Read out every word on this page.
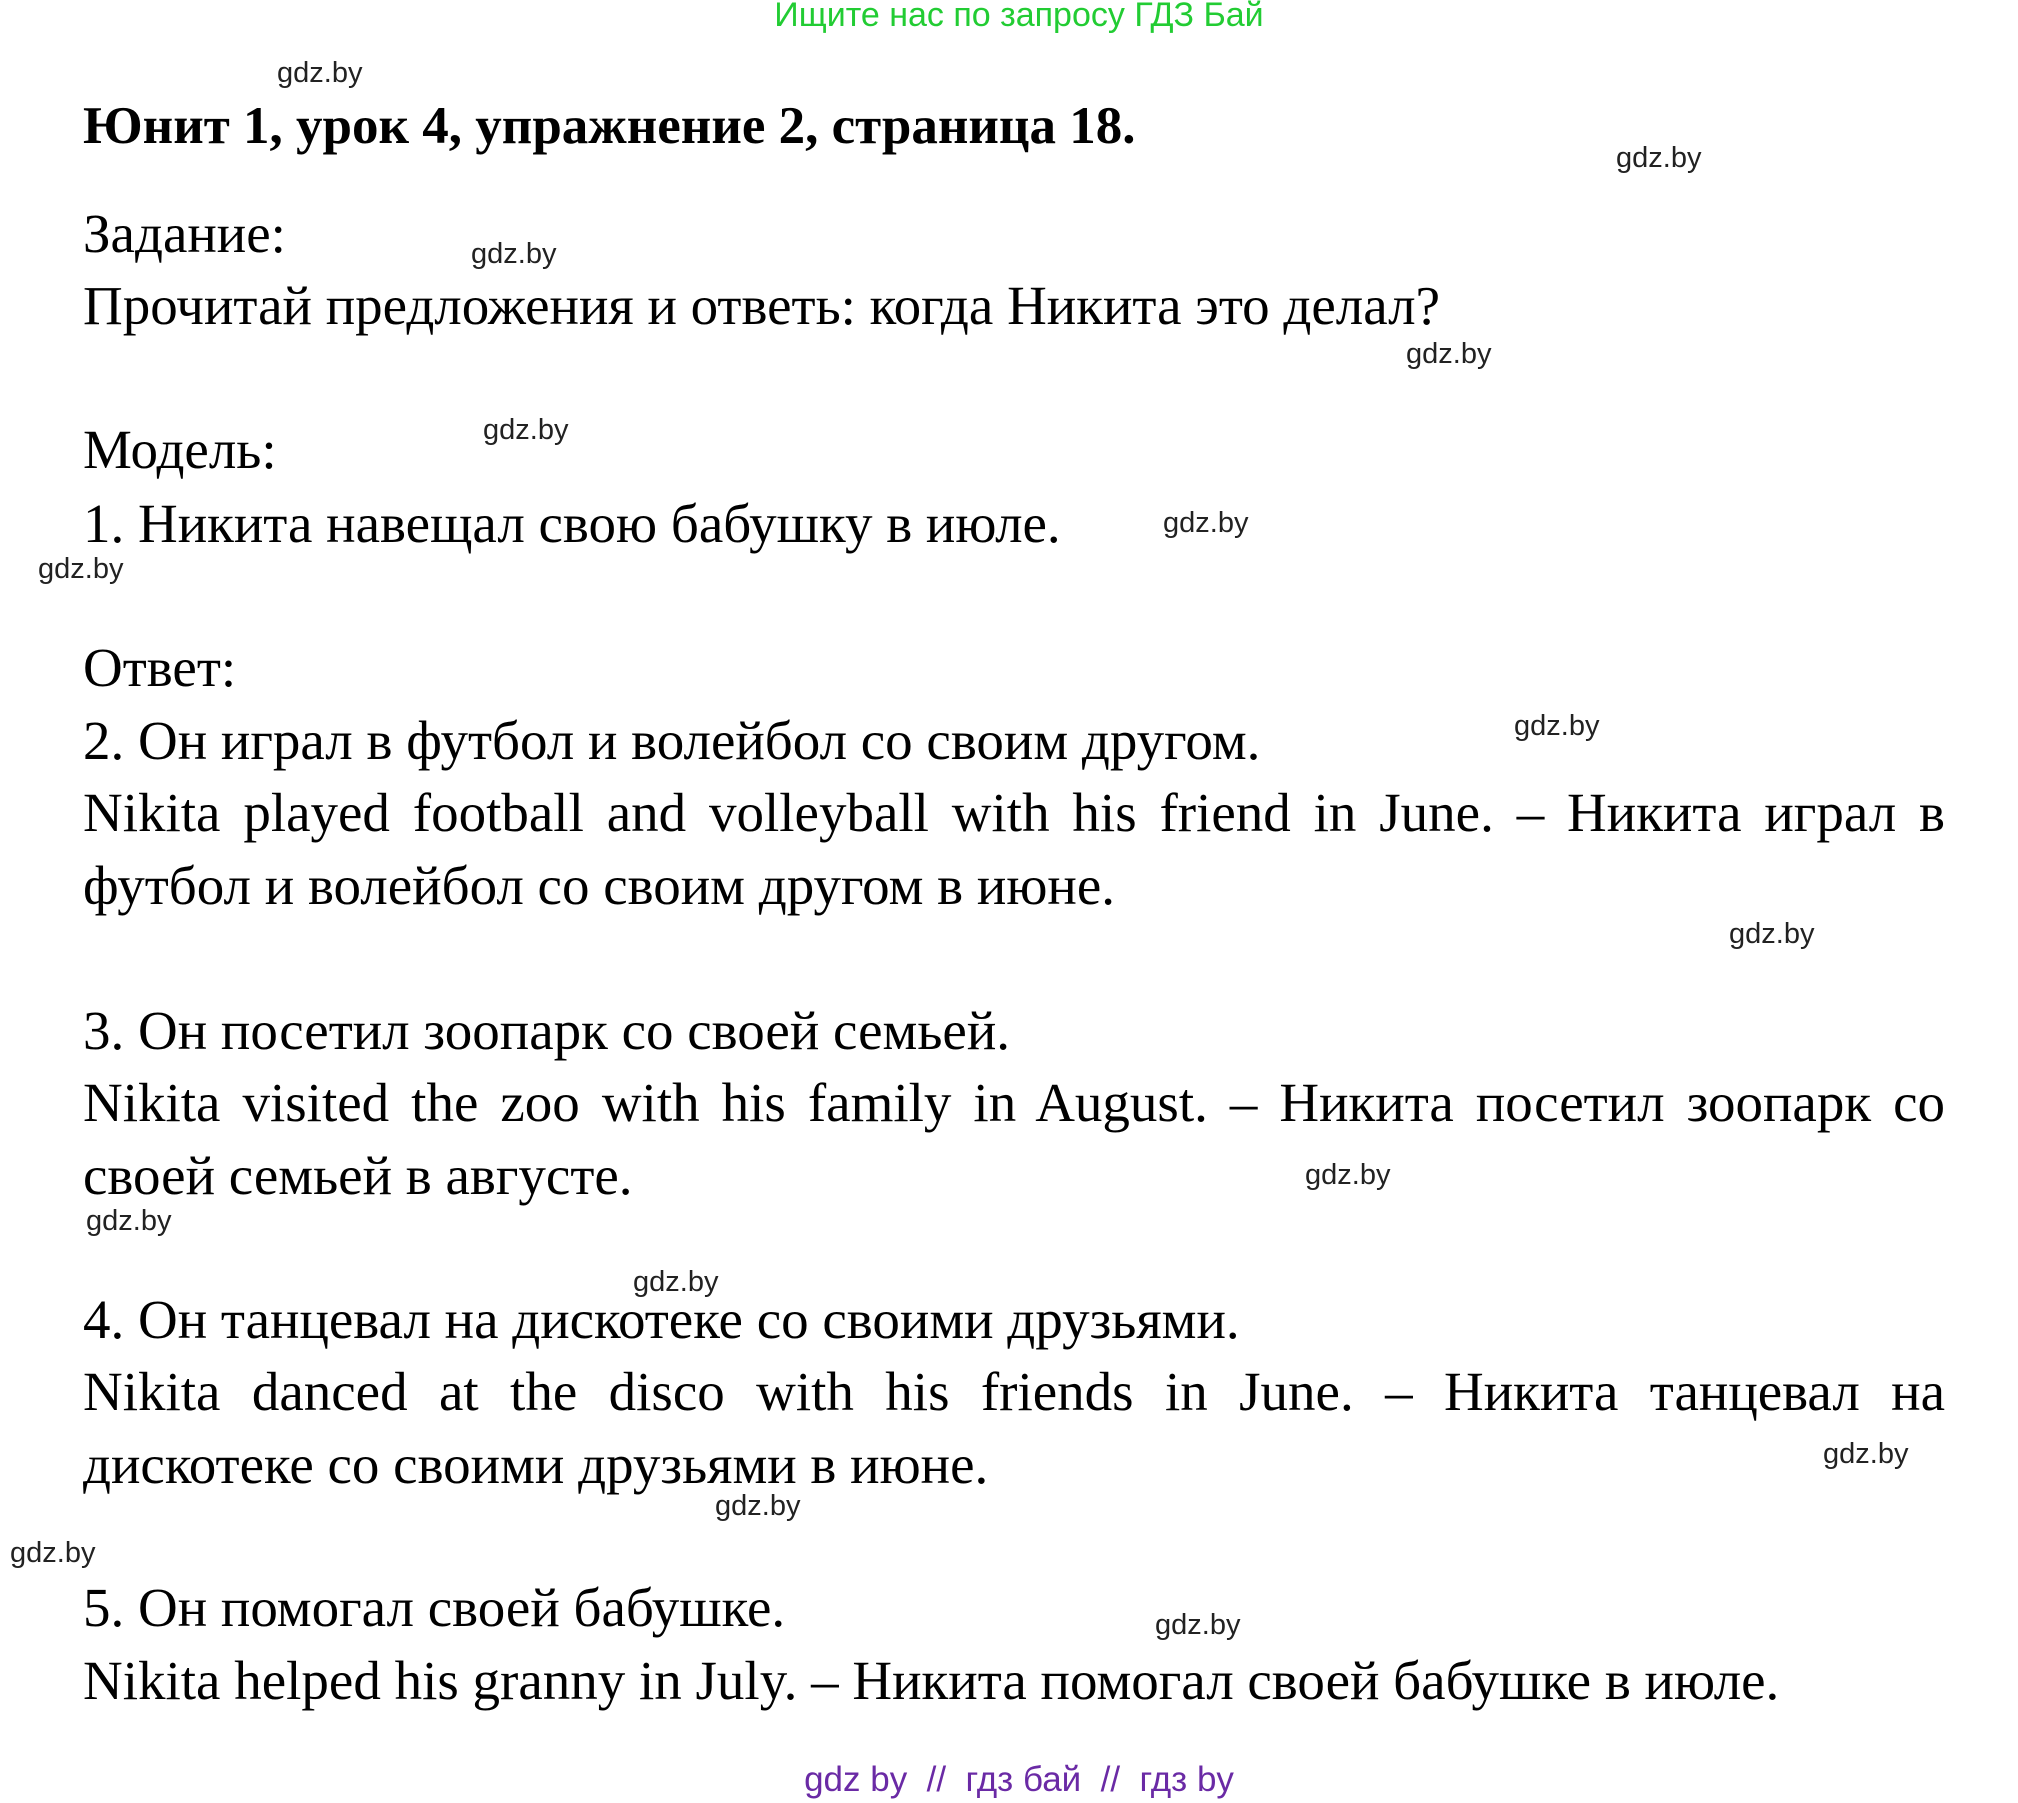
Ищите нас по запросу ГДЗ Бай
Юнит 1, урок 4, упражнение 2, страница 18.
Задание:
Прочитай предложения и ответь: когда Никита это делал?
Модель:
1. Никита навещал свою бабушку в июле.
Ответ:
2. Он играл в футбол и волейбол со своим другом.
Nikita played football and volleyball with his friend in June. – Никита играл в футбол и волейбол со своим другом в июне.
3. Он посетил зоопарк со своей семьей.
Nikita visited the zoo with his family in August. – Никита посетил зоопарк со своей семьей в августе.
4. Он танцевал на дискотеке со своими друзьями.
Nikita danced at the disco with his friends in June. – Никита танцевал на дискотеке со своими друзьями в июне.
5. Он помогал своей бабушке.
Nikita helped his granny in July. – Никита помогал своей бабушке в июле.
gdz.by
gdz.by
gdz.by
gdz.by
gdz.by
gdz.by
gdz.by
gdz.by
gdz.by
gdz.by
gdz.by
gdz.by
gdz.by
gdz.by
gdz.by
gdz.by
gdz by  //  гдз бай  //  гдз by
